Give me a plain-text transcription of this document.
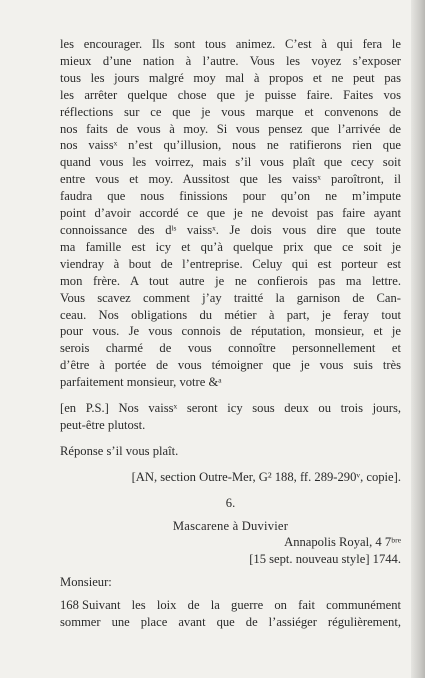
les encourager. Ils sont tous animez. C’est à qui fera le
mieux d’une nation à l’autre. Vous les voyez s’exposer
tous les jours malgré moy mal à propos et ne peut pas
les arrêter quelque chose que je puisse faire. Faites vos
réflections sur ce que je vous marque et convenons de
nos faits de vous à moy. Si vous pensez que l’arrivée de
nos vaissˣ n’est qu’illusion, nous ne ratifierons rien que
quand vous les voirrez, mais s’il vous plaît que cecy soit
entre vous et moy. Aussitost que les vaissˣ paroîtront, il
faudra que nous finissions pour qu’on ne m’impute
point d’avoir accordé ce que je ne devoist pas faire ayant
connoissance des dˡˢ vaissˣ. Je dois vous dire que toute
ma famille est icy et qu’à quelque prix que ce soit je
viendray à bout de l’entreprise. Celuy qui est porteur est
mon frère. A tout autre je ne confierois pas ma lettre.
Vous scavez comment j’ay traitté la garnison de Can-
ceau. Nos obligations du métier à part, je feray tout
pour vous. Je vous connois de réputation, monsieur, et je
serois charmé de vous connoître personnellement et
d’être à portée de vous témoigner que je vous suis très
parfaitement monsieur, votre &ᵃ
[en P.S.] Nos vaissˣ seront icy sous deux ou trois jours,
peut-être plutost.
Réponse s’il vous plaît.
[AN, section Outre-Mer, G² 188, ff. 289-290ᵛ, copie].
6.
Mascarene à Duvivier
Annapolis Royal, 4 7ᵇʳᵉ
[15 sept. nouveau style] 1744.
Monsieur:
Suivant les loix de la guerre on fait communément
sommer une place avant que de l’assiéger régulièrement,
168
